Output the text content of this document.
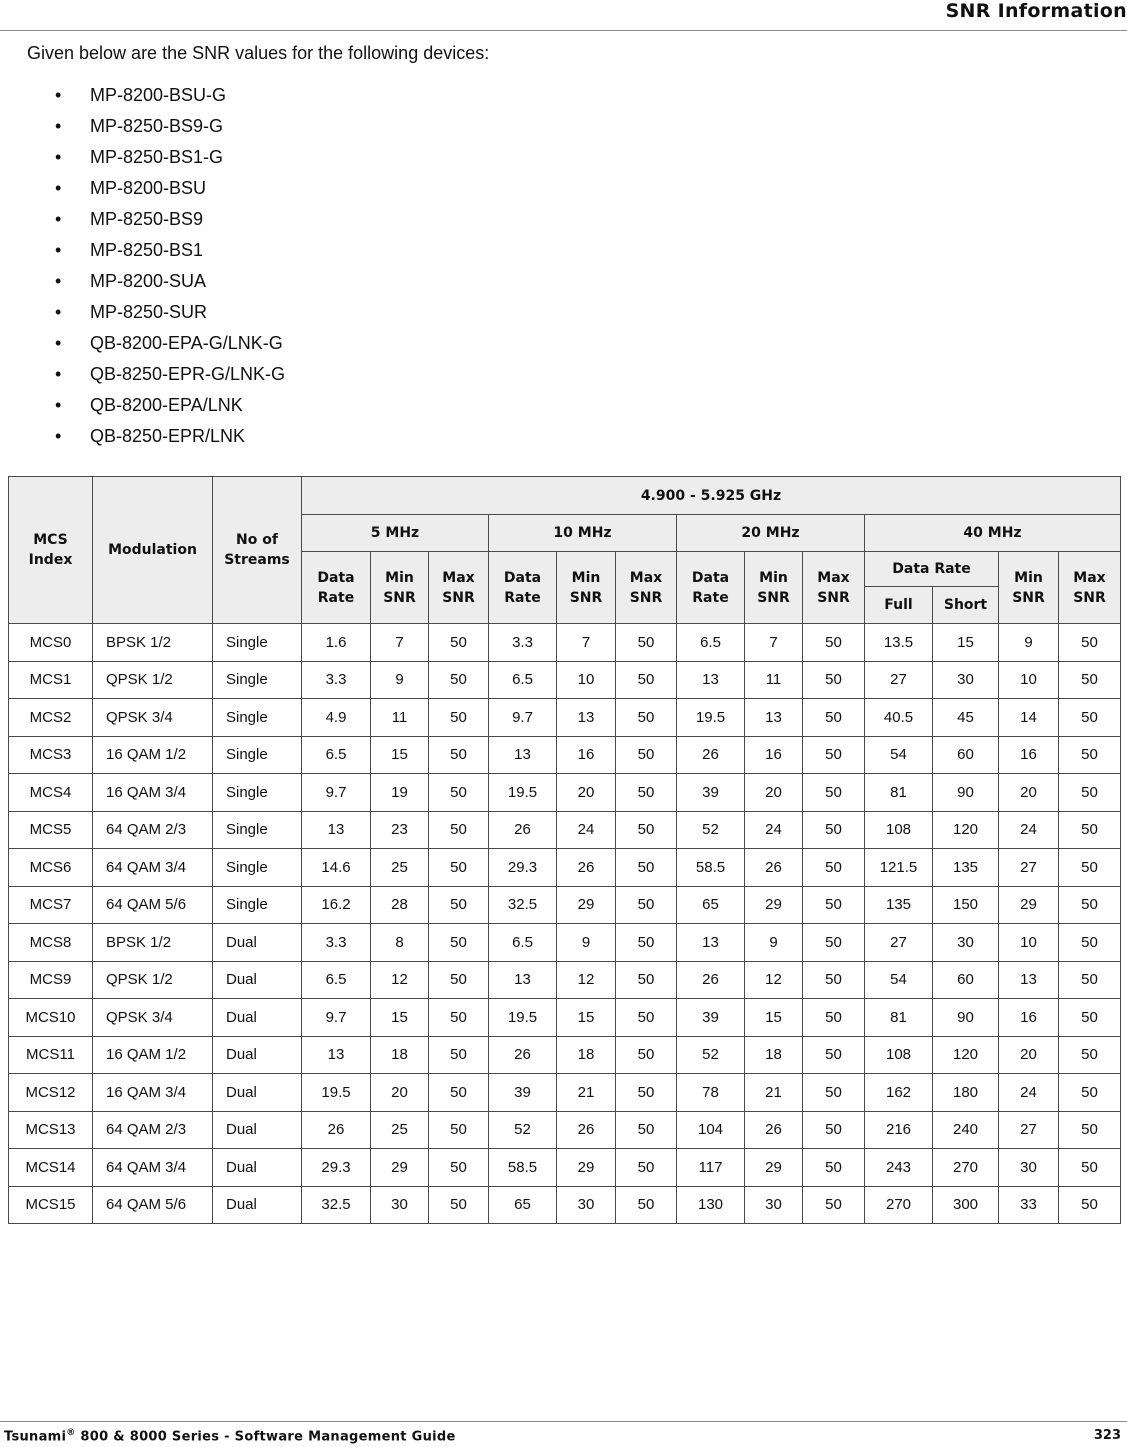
SNR Information
Given below are the SNR values for the following devices:
• MP-8200-BSU-G
• MP-8250-BS9-G
• MP-8250-BS1-G
• MP-8200-BSU
• MP-8250-BS9
• MP-8250-BS1
• MP-8200-SUA
• MP-8250-SUR
• QB-8200-EPA-G/LNK-G
• QB-8250-EPR-G/LNK-G
• QB-8200-EPA/LNK
• QB-8250-EPR/LNK
MCS Index	Modulation	No of Streams	4.900 - 5.925 GHz												
			5 MHz			10 MHz			20 MHz			40 MHz			
			Data Rate	Min SNR	Max SNR	Data Rate	Min SNR	Max SNR	Data Rate	Min SNR	Max SNR	Data Rate		Min SNR	Max SNR
												Full	Short		
MCS0	BPSK 1/2	Single	1.6	7	50	3.3	7	50	6.5	7	50	13.5	15	9	50
MCS1	QPSK 1/2	Single	3.3	9	50	6.5	10	50	13	11	50	27	30	10	50
MCS2	QPSK 3/4	Single	4.9	11	50	9.7	13	50	19.5	13	50	40.5	45	14	50
MCS3	16 QAM 1/2	Single	6.5	15	50	13	16	50	26	16	50	54	60	16	50
MCS4	16 QAM 3/4	Single	9.7	19	50	19.5	20	50	39	20	50	81	90	20	50
MCS5	64 QAM 2/3	Single	13	23	50	26	24	50	52	24	50	108	120	24	50
MCS6	64 QAM 3/4	Single	14.6	25	50	29.3	26	50	58.5	26	50	121.5	135	27	50
MCS7	64 QAM 5/6	Single	16.2	28	50	32.5	29	50	65	29	50	135	150	29	50
MCS8	BPSK 1/2	Dual	3.3	8	50	6.5	9	50	13	9	50	27	30	10	50
MCS9	QPSK 1/2	Dual	6.5	12	50	13	12	50	26	12	50	54	60	13	50
MCS10	QPSK 3/4	Dual	9.7	15	50	19.5	15	50	39	15	50	81	90	16	50
MCS11	16 QAM 1/2	Dual	13	18	50	26	18	50	52	18	50	108	120	20	50
MCS12	16 QAM 3/4	Dual	19.5	20	50	39	21	50	78	21	50	162	180	24	50
MCS13	64 QAM 2/3	Dual	26	25	50	52	26	50	104	26	50	216	240	27	50
MCS14	64 QAM 3/4	Dual	29.3	29	50	58.5	29	50	117	29	50	243	270	30	50
MCS15	64 QAM 5/6	Dual	32.5	30	50	65	30	50	130	30	50	270	300	33	50
Tsunami® 800 & 8000 Series - Software Management Guide	323
